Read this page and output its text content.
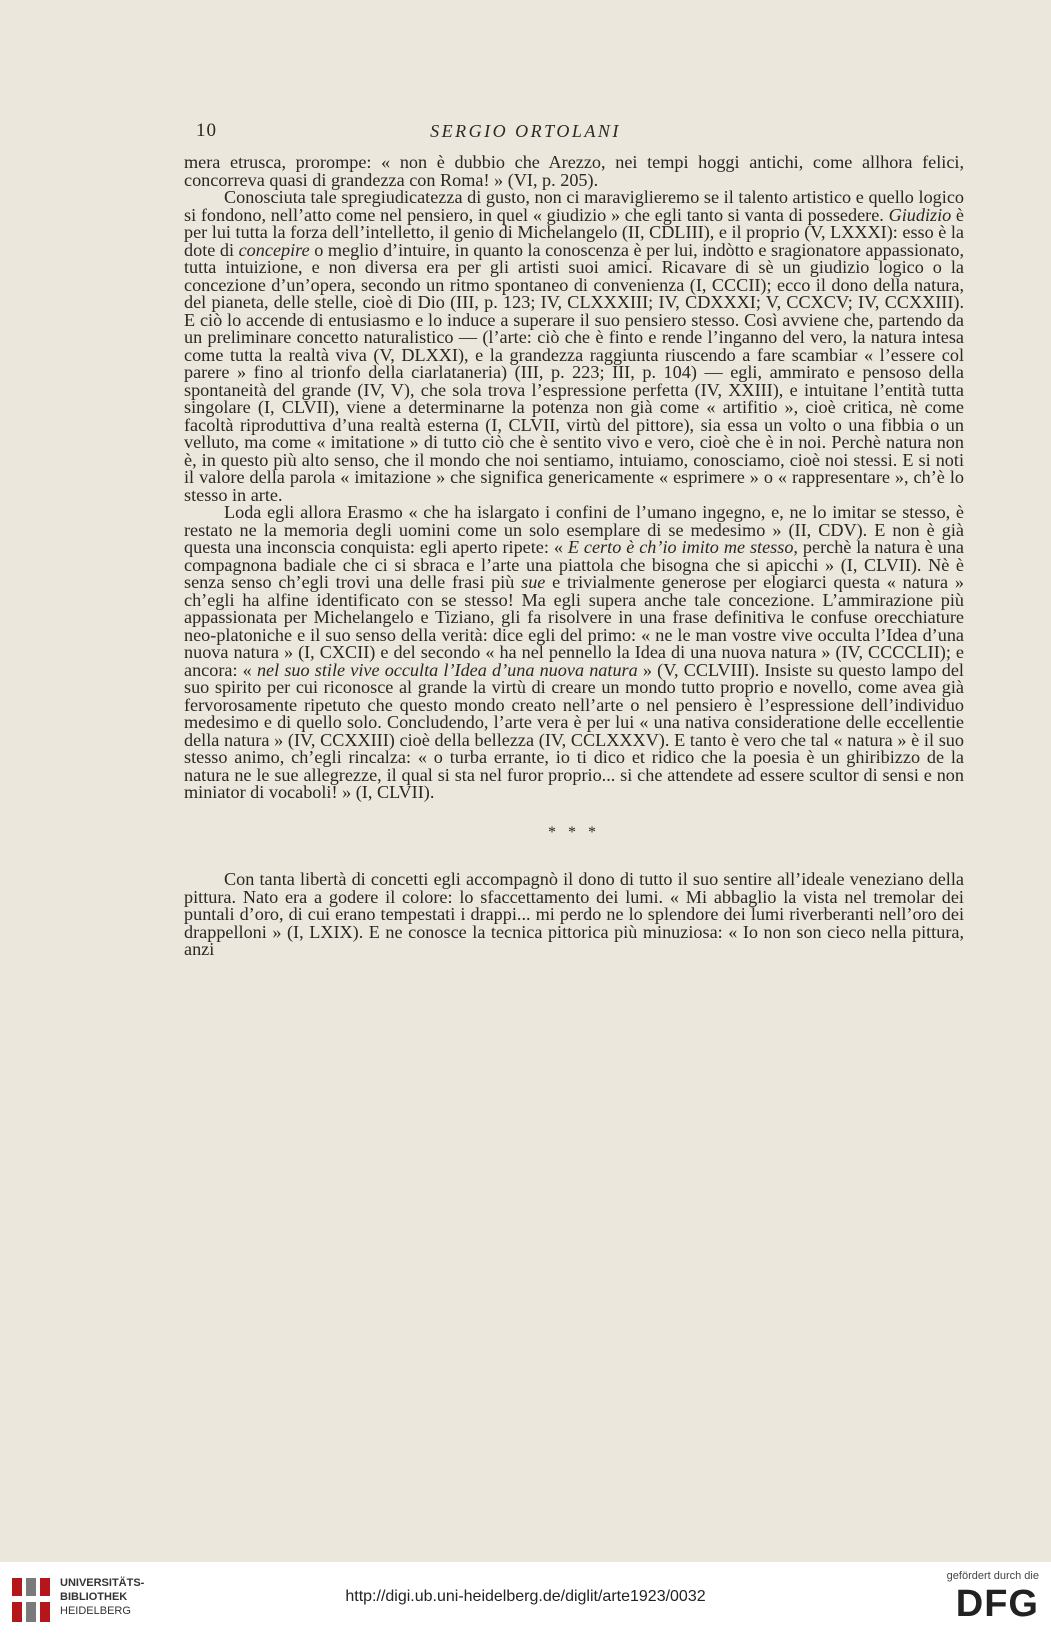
10	SERGIO ORTOLANI

mera etrusca, prorompe: « non è dubbio che Arezzo, nei tempi hoggi antichi, come allhora felici, concorreva quasi di grandezza con Roma! » (VI, p. 205).

Conosciuta tale spregiudicatezza di gusto, non ci maraviglieremo se il talento artistico e quello logico si fondono, nell’atto come nel pensiero, in quel « giudizio » che egli tanto si vanta di possedere. Giudizio è per lui tutta la forza dell’intelletto, il genio di Michelangelo (II, CDLIII), e il proprio (V, LXXXI): esso è la dote di concepire o meglio d’intuire, in quanto la conoscenza è per lui, indòtto e sragionatore appassionato, tutta intuizione, e non diversa era per gli artisti suoi amici. Ricavare di sè un giudizio logico o la concezione d’un’opera, secondo un ritmo spontaneo di convenienza (I, CCCII); ecco il dono della natura, del pianeta, delle stelle, cioè di Dio (III, p. 123; IV, CLXXXIII; IV, CDXXXI; V, CCXCV; IV, CCXXIII). E ciò lo accende di entusiasmo e lo induce a superare il suo pensiero stesso. Così avviene che, partendo da un preliminare concetto naturalistico — (l’arte: ciò che è finto e rende l’inganno del vero, la natura intesa come tutta la realtà viva (V, DLXXI), e la grandezza raggiunta riuscendo a fare scambiar « l’essere col parere » fino al trionfo della ciarlataneria) (III, p. 223; III, p. 104) — egli, ammirato e pensoso della spontaneità del grande (IV, V), che sola trova l’espressione perfetta (IV, XXIII), e intuitane l’entità tutta singolare (I, CLVII), viene a determinarne la potenza non già come « artifitio », cioè critica, nè come facoltà riproduttiva d’una realtà esterna (I, CLVII, virtù del pittore), sia essa un volto o una fibbia o un velluto, ma come « imitatione » di tutto ciò che è sentito vivo e vero, cioè che è in noi. Perchè natura non è, in questo più alto senso, che il mondo che noi sentiamo, intuiamo, conosciamo, cioè noi stessi. E si noti il valore della parola « imitazione » che significa genericamente « esprimere » o « rappresentare », ch’è lo stesso in arte.

Loda egli allora Erasmo « che ha islargato i confini de l’umano ingegno, e, ne lo imitar se stesso, è restato ne la memoria degli uomini come un solo esemplare di se medesimo » (II, CDV). E non è già questa una inconscia conquista: egli aperto ripete: « E certo è ch’io imito me stesso, perchè la natura è una compagnona badiale che ci si sbraca e l’arte una piattola che bisogna che si apicchi » (I, CLVII). Nè è senza senso ch’egli trovi una delle frasi più sue e trivialmente generose per elogiarci questa « natura » ch’egli ha alfine identificato con se stesso! Ma egli supera anche tale concezione. L’ammirazione più appassionata per Michelangelo e Tiziano, gli fa risolvere in una frase definitiva le confuse orecchiature neo-platoniche e il suo senso della verità: dice egli del primo: « ne le man vostre vive occulta l’Idea d’una nuova natura » (I, CXCII) e del secondo « ha nel pennello la Idea di una nuova natura » (IV, CCCCLII); e ancora: « nel suo stile vive occulta l’Idea d’una nuova natura » (V, CCLVIII). Insiste su questo lampo del suo spirito per cui riconosce al grande la virtù di creare un mondo tutto proprio e novello, come avea già fervorosamente ripetuto che questo mondo creato nell’arte o nel pensiero è l’espressione dell’individuo medesimo e di quello solo. Concludendo, l’arte vera è per lui « una nativa consideratione delle eccellentie della natura » (IV, CCXXIII) cioè della bellezza (IV, CCLXXXV). E tanto è vero che tal « natura » è il suo stesso animo, ch’egli rincalza: « o turba errante, io ti dico et ridico che la poesia è un ghiribizzo de la natura ne le sue allegrezze, il qual si sta nel furor proprio... si che attendete ad essere scultor di sensi e non miniator di vocaboli! » (I, CLVII).

* * *

Con tanta libertà di concetti egli accompagnò il dono di tutto il suo sentire all’ideale veneziano della pittura. Nato era a godere il colore: lo sfaccettamento dei lumi. « Mi abbaglio la vista nel tremolar dei puntali d’oro, di cui erano tempestati i drappi... mi perdo ne lo splendore dei lumi riverberanti nell’oro dei drappelloni » (I, LXIX). E ne conosce la tecnica pittorica più minuziosa: « Io non son cieco nella pittura, anzi

UNIVERSITÄTS-
BIBLIOTHEK
HEIDELBERG
http://digi.ub.uni-heidelberg.de/diglit/arte1923/0032
gefördert durch die
DFG
